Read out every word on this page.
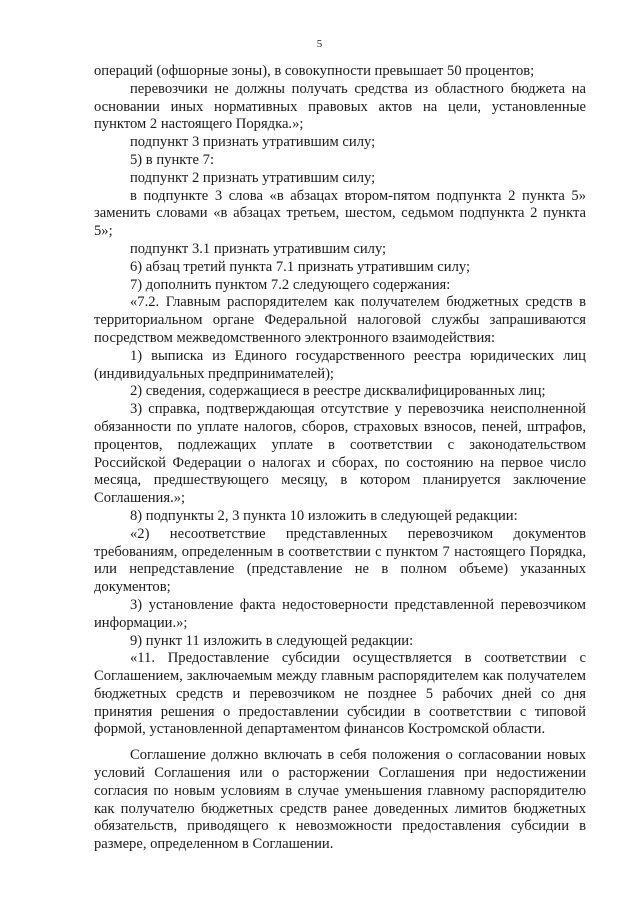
5

операций (офшорные зоны), в совокупности превышает 50 процентов;

перевозчики не должны получать средства из областного бюджета на основании иных нормативных правовых актов на цели, установленные пунктом 2 настоящего Порядка.»;

подпункт 3 признать утратившим силу;

5) в пункте 7:

подпункт 2 признать утратившим силу;

в подпункте 3 слова «в абзацах втором-пятом подпункта 2 пункта 5» заменить словами «в абзацах третьем, шестом, седьмом подпункта 2 пункта 5»;

подпункт 3.1 признать утратившим силу;

6) абзац третий пункта 7.1 признать утратившим силу;

7) дополнить пунктом 7.2 следующего содержания:

«7.2. Главным распорядителем как получателем бюджетных средств в территориальном органе Федеральной налоговой службы запрашиваются посредством межведомственного электронного взаимодействия:

1) выписка из Единого государственного реестра юридических лиц (индивидуальных предпринимателей);

2) сведения, содержащиеся в реестре дисквалифицированных лиц;

3) справка, подтверждающая отсутствие у перевозчика неисполненной обязанности по уплате налогов, сборов, страховых взносов, пеней, штрафов, процентов, подлежащих уплате в соответствии с законодательством Российской Федерации о налогах и сборах, по состоянию на первое число месяца, предшествующего месяцу, в котором планируется заключение Соглашения.»;

8) подпункты 2, 3 пункта 10 изложить в следующей редакции:

«2) несоответствие представленных перевозчиком документов требованиям, определенным в соответствии с пунктом 7 настоящего Порядка, или непредставление (представление не в полном объеме) указанных документов;

3) установление факта недостоверности представленной перевозчиком информации.»;

9) пункт 11 изложить в следующей редакции:

«11. Предоставление субсидии осуществляется в соответствии с Соглашением, заключаемым между главным распорядителем как получателем бюджетных средств и перевозчиком не позднее 5 рабочих дней со дня принятия решения о предоставлении субсидии в соответствии с типовой формой, установленной департаментом финансов Костромской области.

Соглашение должно включать в себя положения о согласовании новых условий Соглашения или о расторжении Соглашения при недостижении согласия по новым условиям в случае уменьшения главному распорядителю как получателю бюджетных средств ранее доведенных лимитов бюджетных обязательств, приводящего к невозможности предоставления субсидии в размере, определенном в Соглашении.
